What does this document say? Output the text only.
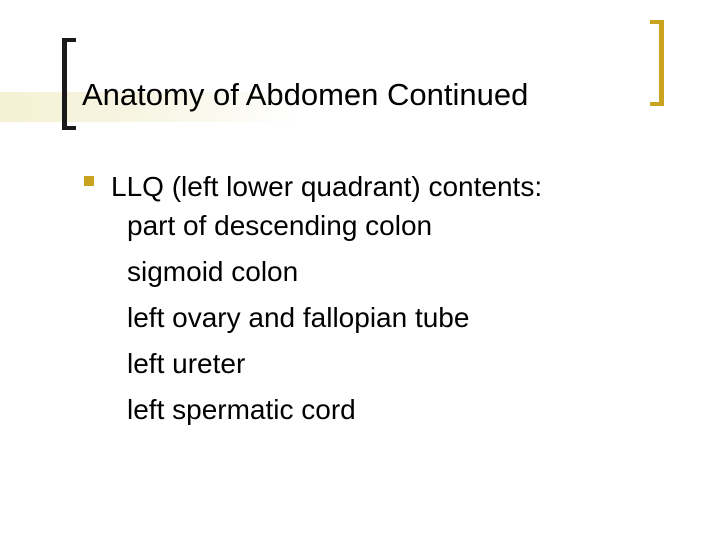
Anatomy of Abdomen Continued
LLQ (left lower quadrant) contents:
part of descending colon
sigmoid colon
left ovary and fallopian tube
left ureter
left spermatic cord
